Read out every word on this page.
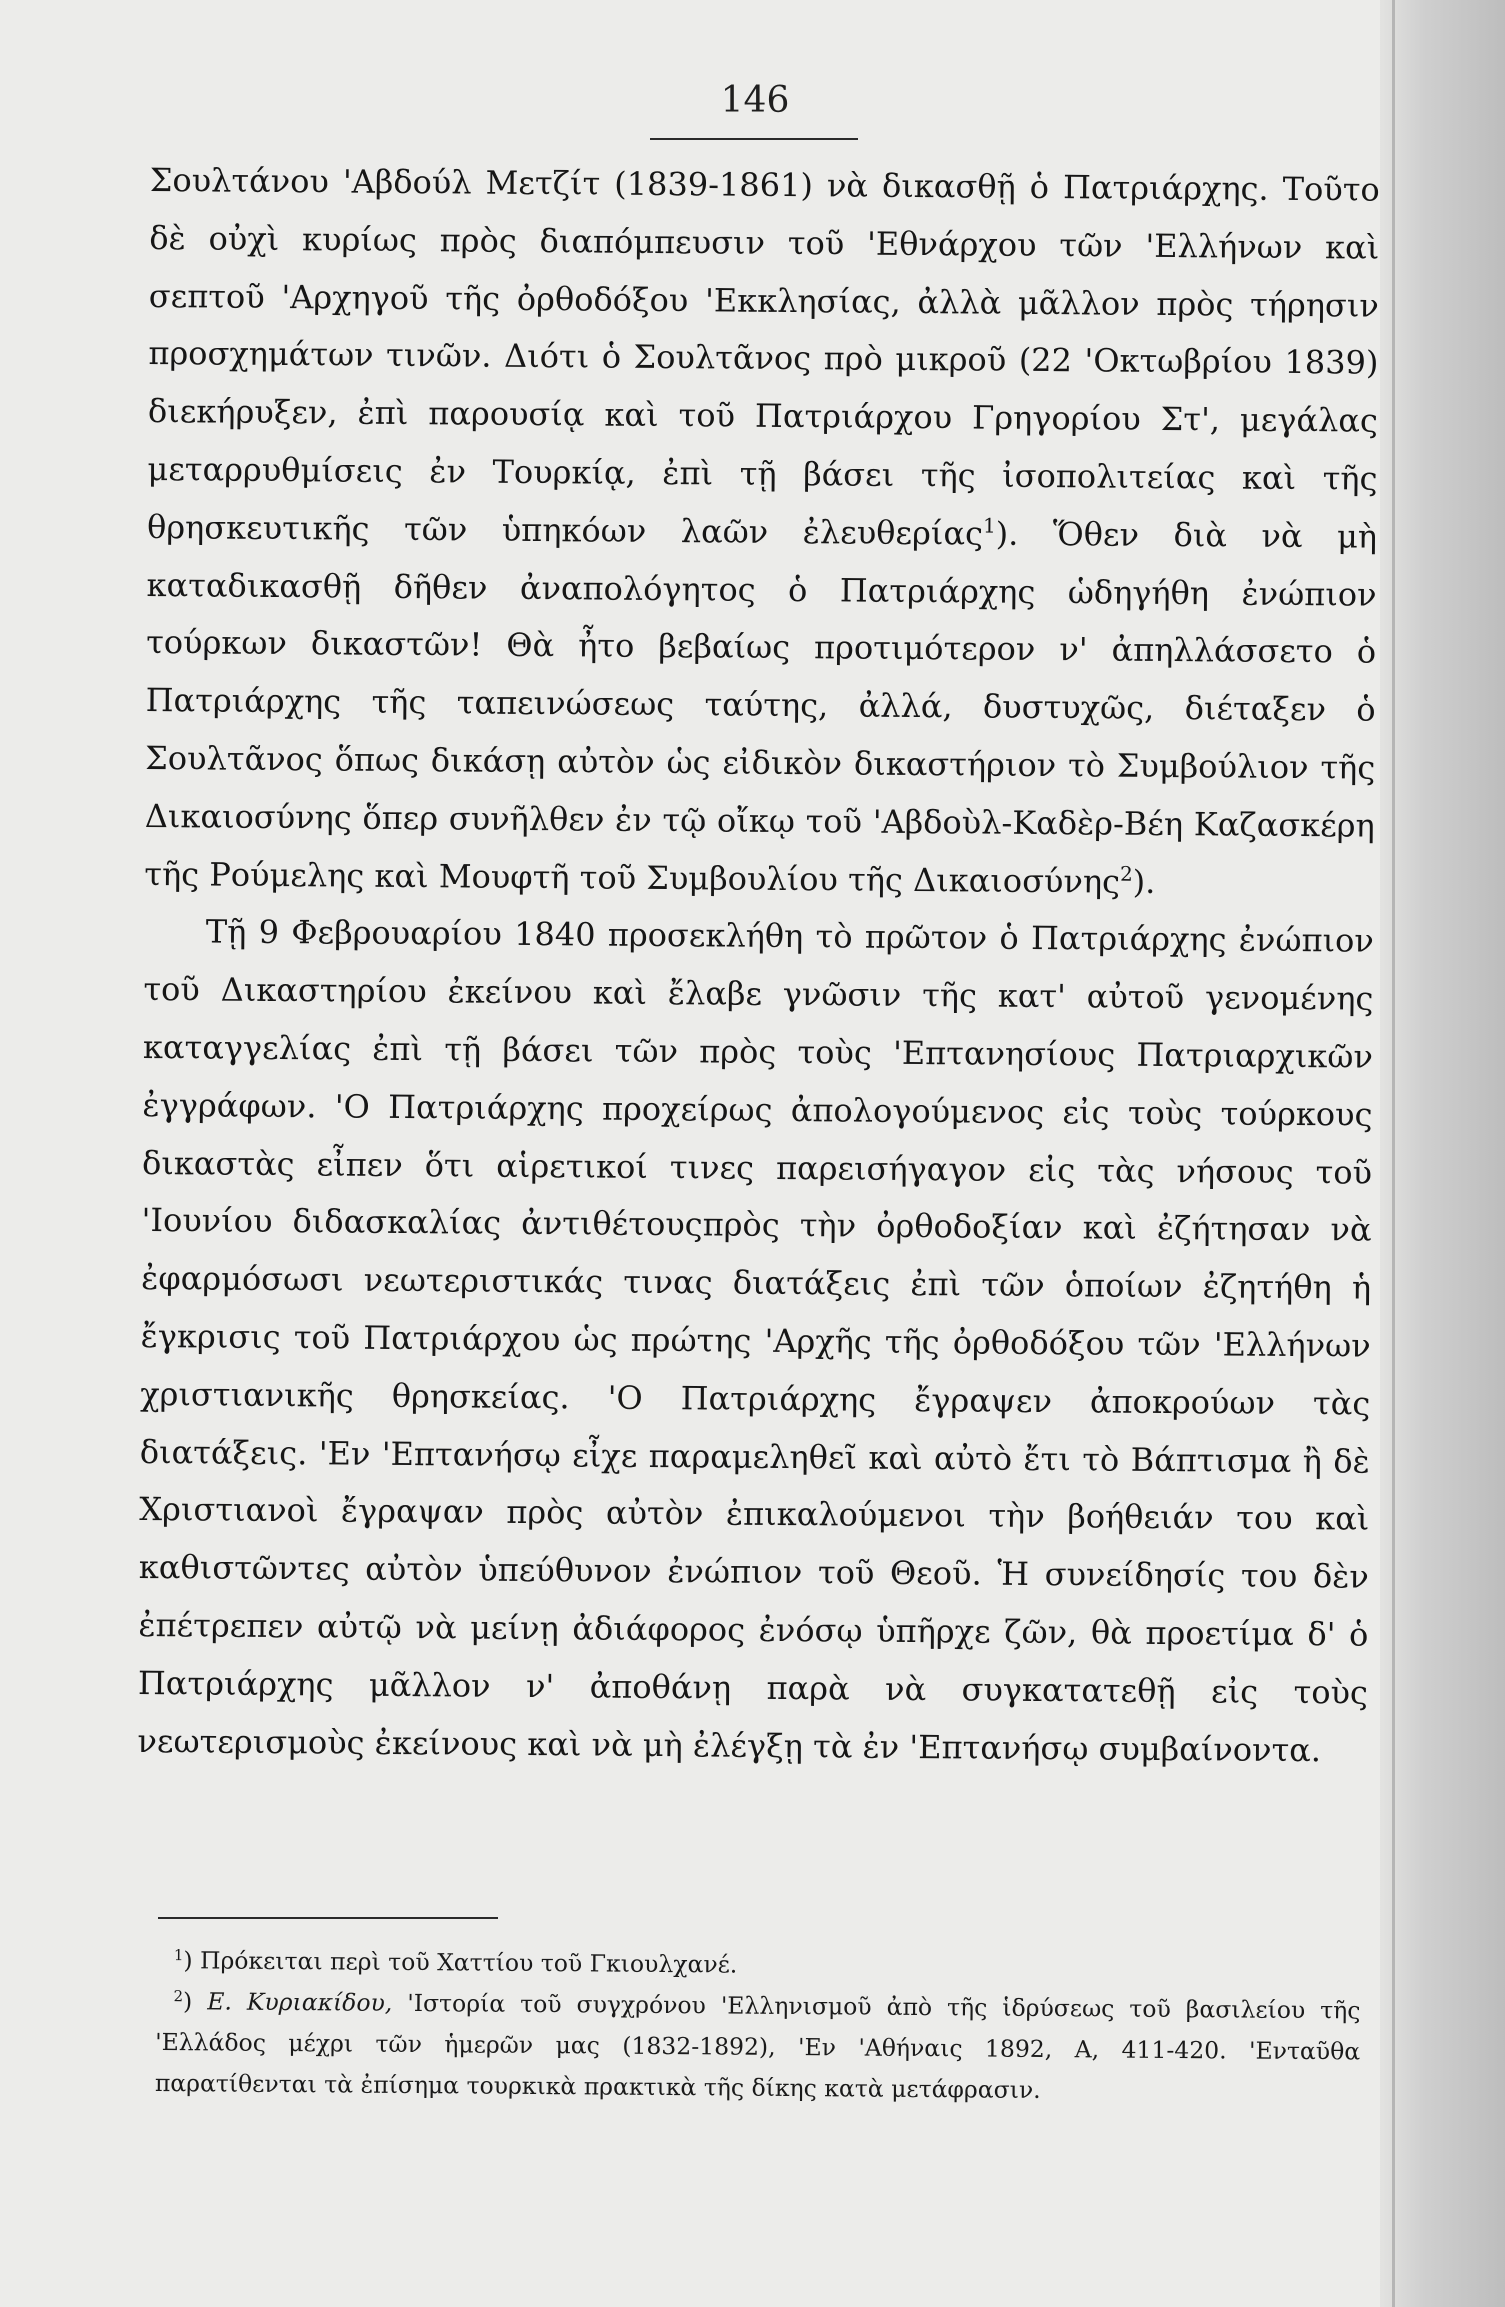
146

Σουλτάνου 'Αβδούλ Μετζίτ (1839-1861) νὰ δικασθῇ ὁ Πατριάρχης. Τοῦτο δὲ οὐχὶ κυρίως πρὸς διαπόμπευσιν τοῦ 'Εθνάρχου τῶν 'Ελλήνων καὶ σεπτοῦ 'Αρχηγοῦ τῆς ὀρθοδόξου 'Εκκλησίας, ἀλλὰ μᾶλλον πρὸς τήρησιν προσχημάτων τινῶν. Διότι ὁ Σουλτᾶνος πρὸ μικροῦ (22 'Οκτωβρίου 1839) διεκήρυξεν, ἐπὶ παρουσίᾳ καὶ τοῦ Πατριάρχου Γρηγορίου Στ', μεγάλας μεταρρυθμίσεις ἐν Τουρκίᾳ, ἐπὶ τῇ βάσει τῆς ἰσοπολιτείας καὶ τῆς θρησκευτικῆς τῶν ὑπηκόων λαῶν ἐλευθερίας$^1$). Ὅθεν διὰ νὰ μὴ καταδικασθῇ δῆθεν ἀναπολόγητος ὁ Πατριάρχης ὡδηγήθη ἐνώπιον τούρκων δικαστῶν! Θὰ ἦτο βεβαίως προτιμότερον ν' ἀπηλλάσσετο ὁ Πατριάρχης τῆς ταπεινώσεως ταύτης, ἀλλά, δυστυχῶς, διέταξεν ὁ Σουλτᾶνος ὅπως δικάσῃ αὐτὸν ὡς εἰδικὸν δικαστήριον τὸ Συμβούλιον τῆς Δικαιοσύνης ὅπερ συνῆλθεν ἐν τῷ οἴκῳ τοῦ 'Αβδοὺλ-Καδὲρ-Βέη Καζασκέρη τῆς Ρούμελης καὶ Μουφτῆ τοῦ Συμβουλίου τῆς Δικαιοσύνης$^2$).

Τῇ 9 Φεβρουαρίου 1840 προσεκλήθη τὸ πρῶτον ὁ Πατριάρχης ἐνώπιον τοῦ Δικαστηρίου ἐκείνου καὶ ἔλαβε γνῶσιν τῆς κατ' αὐτοῦ γενομένης καταγγελίας ἐπὶ τῇ βάσει τῶν πρὸς τοὺς 'Επτανησίους Πατριαρχικῶν ἐγγράφων. 'Ο Πατριάρχης προχείρως ἀπολογούμενος εἰς τοὺς τούρκους δικαστὰς εἶπεν ὅτι αἱρετικοί τινες παρεισήγαγον εἰς τὰς νήσους τοῦ 'Ιουνίου διδασκαλίας ἀντιθέτουςπρὸς τὴν ὀρθοδοξίαν καὶ ἐζήτησαν νὰ ἐφαρμόσωσι νεωτεριστικάς τινας διατάξεις ἐπὶ τῶν ὁποίων ἐζητήθη ἡ ἔγκρισις τοῦ Πατριάρχου ὡς πρώτης 'Αρχῆς τῆς ὀρθοδόξου τῶν 'Ελλήνων χριστιανικῆς θρησκείας. 'Ο Πατριάρχης ἔγραψεν ἀποκρούων τὰς διατάξεις. 'Εν 'Επτανήσῳ εἶχε παραμεληθεῖ καὶ αὐτὸ ἔτι τὸ Βάπτισμα ἢ δὲ Χριστιανοὶ ἔγραψαν πρὸς αὐτὸν ἐπικαλούμενοι τὴν βοήθειάν του καὶ καθιστῶντες αὐτὸν ὑπεύθυνον ἐνώπιον τοῦ Θεοῦ. Ἡ συνείδησίς του δὲν ἐπέτρεπεν αὐτῷ νὰ μείνῃ ἀδιάφορος ἐνόσῳ ὑπῆρχε ζῶν, θὰ προετίμα δ' ὁ Πατριάρχης μᾶλλον ν' ἀποθάνῃ παρὰ νὰ συγκατατεθῇ εἰς τοὺς νεωτερισμοὺς ἐκείνους καὶ νὰ μὴ ἐλέγξῃ τὰ ἐν 'Επτανήσῳ συμβαίνοντα.

$^1$) Πρόκειται περὶ τοῦ Χαττίου τοῦ Γκιουλχανέ.

$^2$) Ε. Κυριακίδου, 'Ιστορία τοῦ συγχρόνου 'Ελληνισμοῦ ἀπὸ τῆς ἱδρύσεως τοῦ βασιλείου τῆς 'Ελλάδος μέχρι τῶν ἡμερῶν μας (1832-1892), 'Εν 'Αθήναις 1892, Α, 411-420. 'Ενταῦθα παρατίθενται τὰ ἐπίσημα τουρκικὰ πρακτικὰ τῆς δίκης κατὰ μετάφρασιν.
